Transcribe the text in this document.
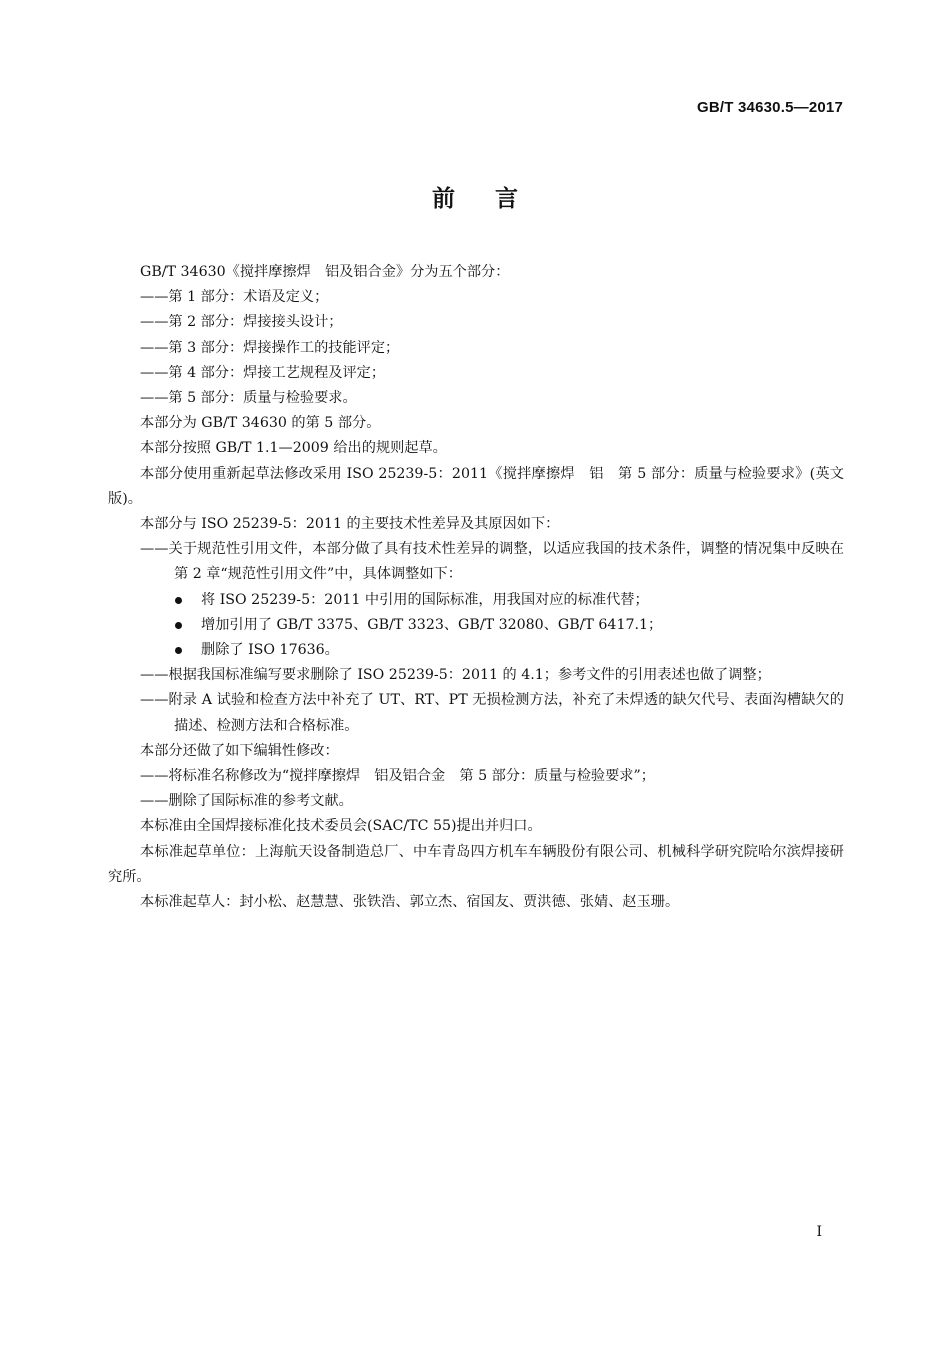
GB/T 34630.5—2017
前言

GB/T 34630《搅拌摩擦焊　铝及铝合金》分为五个部分：

——第 1 部分：术语及定义；

——第 2 部分：焊接接头设计；

——第 3 部分：焊接操作工的技能评定；

——第 4 部分：焊接工艺规程及评定；

——第 5 部分：质量与检验要求。

本部分为 GB/T 34630 的第 5 部分。

本部分按照 GB/T 1.1—2009 给出的规则起草。

本部分使用重新起草法修改采用 ISO 25239-5：2011《搅拌摩擦焊　铝　第 5 部分：质量与检验要求》(英文版)。

本部分与 ISO 25239-5：2011 的主要技术性差异及其原因如下：

——关于规范性引用文件，本部分做了具有技术性差异的调整，以适应我国的技术条件，调整的情况集中反映在第 2 章“规范性引用文件”中，具体调整如下：

将 ISO 25239-5：2011 中引用的国际标准，用我国对应的标准代替；

增加引用了 GB/T 3375、GB/T 3323、GB/T 32080、GB/T 6417.1；

删除了 ISO 17636。

——根据我国标准编写要求删除了 ISO 25239-5：2011 的 4.1；参考文件的引用表述也做了调整；

——附录 A 试验和检查方法中补充了 UT、RT、PT 无损检测方法，补充了未焊透的缺欠代号、表面沟槽缺欠的描述、检测方法和合格标准。

本部分还做了如下编辑性修改：

——将标准名称修改为“搅拌摩擦焊　铝及铝合金　第 5 部分：质量与检验要求”；

——删除了国际标准的参考文献。

本标准由全国焊接标准化技术委员会(SAC/TC 55)提出并归口。

本标准起草单位：上海航天设备制造总厂、中车青岛四方机车车辆股份有限公司、机械科学研究院哈尔滨焊接研究所。

本标准起草人：封小松、赵慧慧、张铁浩、郭立杰、宿国友、贾洪德、张婧、赵玉珊。

I
